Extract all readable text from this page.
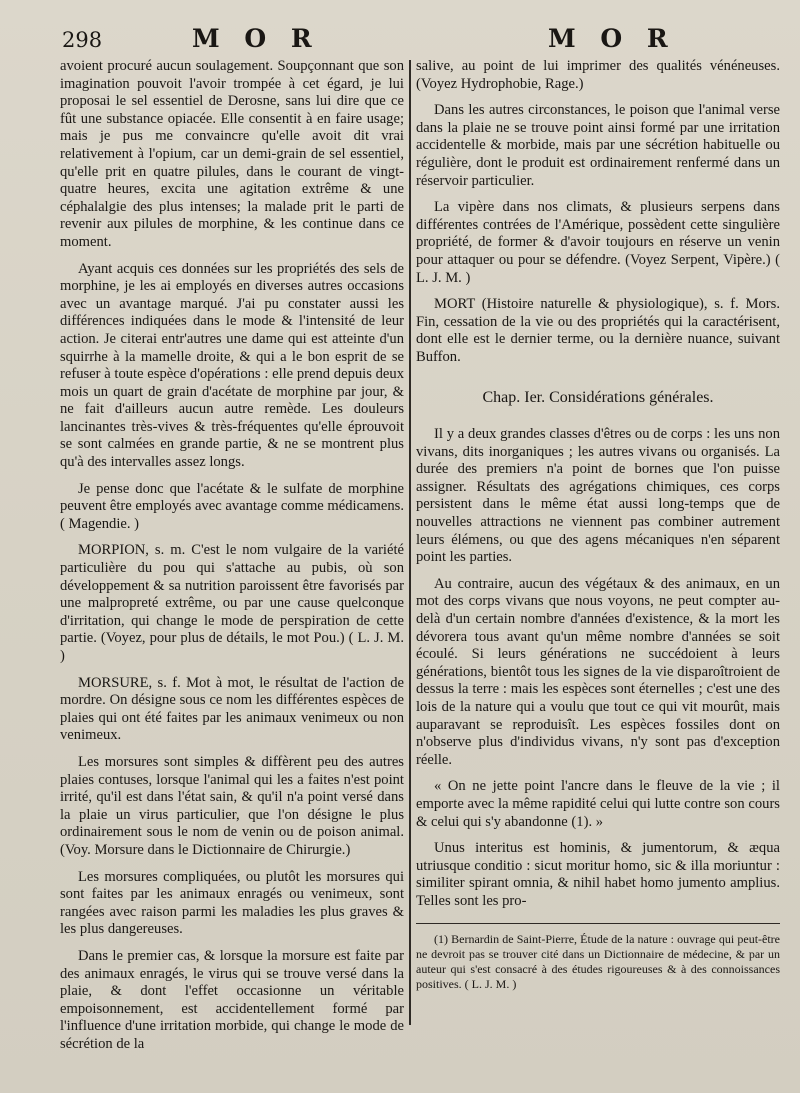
298	M O R	M O R

avoient procuré aucun soulagement. Soupçonnant que son imagination pouvoit l'avoir trompée à cet égard, je lui proposai le sel essentiel de Derosne, sans lui dire que ce fût une substance opiacée. Elle consentit à en faire usage; mais je pus me convaincre qu'elle avoit dit vrai relativement à l'opium, car un demi-grain de sel essentiel, qu'elle prit en quatre pilules, dans le courant de vingt-quatre heures, excita une agitation extrême & une céphalalgie des plus intenses; la malade prit le parti de revenir aux pilules de morphine, & les continue dans ce moment.

Ayant acquis ces données sur les propriétés des sels de morphine, je les ai employés en diverses autres occasions avec un avantage marqué. J'ai pu constater aussi les différences indiquées dans le mode & l'intensité de leur action. Je citerai entr'autres une dame qui est atteinte d'un squirrhe à la mamelle droite, & qui a le bon esprit de se refuser à toute espèce d'opérations : elle prend depuis deux mois un quart de grain d'acétate de morphine par jour, & ne fait d'ailleurs aucun autre remède. Les douleurs lancinantes très-vives & très-fréquentes qu'elle éprouvoit se sont calmées en grande partie, & ne se montrent plus qu'à des intervalles assez longs.

Je pense donc que l'acétate & le sulfate de morphine peuvent être employés avec avantage comme médicamens. ( Magendie. )

MORPION, s. m. C'est le nom vulgaire de la variété particulière du pou qui s'attache au pubis, où son développement & sa nutrition paroissent être favorisés par une malpropreté extrême, ou par une cause quelconque d'irritation, qui change le mode de perspiration de cette partie. (Voyez, pour plus de détails, le mot Pou.) ( L. J. M. )

MORSURE, s. f. Mot à mot, le résultat de l'action de mordre. On désigne sous ce nom les différentes espèces de plaies qui ont été faites par les animaux venimeux ou non venimeux.

Les morsures sont simples & diffèrent peu des autres plaies contuses, lorsque l'animal qui les a faites n'est point irrité, qu'il est dans l'état sain, & qu'il n'a point versé dans la plaie un virus particulier, que l'on désigne le plus ordinairement sous le nom de venin ou de poison animal. (Voy. Morsure dans le Dictionnaire de Chirurgie.)

Les morsures compliquées, ou plutôt les morsures qui sont faites par les animaux enragés ou venimeux, sont rangées avec raison parmi les maladies les plus graves & les plus dangereuses.

Dans le premier cas, & lorsque la morsure est faite par des animaux enragés, le virus qui se trouve versé dans la plaie, & dont l'effet occasionne un véritable empoisonnement, est accidentellement formé par l'influence d'une irritation morbide, qui change le mode de sécrétion de la

salive, au point de lui imprimer des qualités vénéneuses. (Voyez Hydrophobie, Rage.)

Dans les autres circonstances, le poison que l'animal verse dans la plaie ne se trouve point ainsi formé par une irritation accidentelle & morbide, mais par une sécrétion habituelle ou régulière, dont le produit est ordinairement renfermé dans un réservoir particulier.

La vipère dans nos climats, & plusieurs serpens dans différentes contrées de l'Amérique, possèdent cette singulière propriété, de former & d'avoir toujours en réserve un venin pour attaquer ou pour se défendre. (Voyez Serpent, Vipère.) ( L. J. M. )

MORT (Histoire naturelle & physiologique), s. f. Mors. Fin, cessation de la vie ou des propriétés qui la caractérisent, dont elle est le dernier terme, ou la dernière nuance, suivant Buffon.

Chap. Ier. Considérations générales.

Il y a deux grandes classes d'êtres ou de corps : les uns non vivans, dits inorganiques ; les autres vivans ou organisés. La durée des premiers n'a point de bornes que l'on puisse assigner. Résultats des agrégations chimiques, ces corps persistent dans le même état aussi long-temps que de nouvelles attractions ne viennent pas combiner autrement leurs élémens, ou que des agens mécaniques n'en séparent point les parties.

Au contraire, aucun des végétaux & des animaux, en un mot des corps vivans que nous voyons, ne peut compter au-delà d'un certain nombre d'années d'existence, & la mort les dévorera tous avant qu'un même nombre d'années se soit écoulé. Si leurs générations ne succédoient à leurs générations, bientôt tous les signes de la vie disparoîtroient de dessus la terre : mais les espèces sont éternelles ; c'est une des lois de la nature qui a voulu que tout ce qui vit mourût, mais auparavant se reproduisît. Les espèces fossiles dont on n'observe plus d'individus vivans, n'y sont pas d'exception réelle.

« On ne jette point l'ancre dans le fleuve de la vie ; il emporte avec la même rapidité celui qui lutte contre son cours & celui qui s'y abandonne (1). »

Unus interitus est hominis, & jumentorum, & æqua utriusque conditio : sicut moritur homo, sic & illa moriuntur : similiter spirant omnia, & nihil habet homo jumento amplius. Telles sont les pro-

(1) Bernardin de Saint-Pierre, Étude de la nature : ouvrage qui peut-être ne devroit pas se trouver cité dans un Dictionnaire de médecine, & par un auteur qui s'est consacré à des études rigoureuses & à des connoissances positives. ( L. J. M. )
